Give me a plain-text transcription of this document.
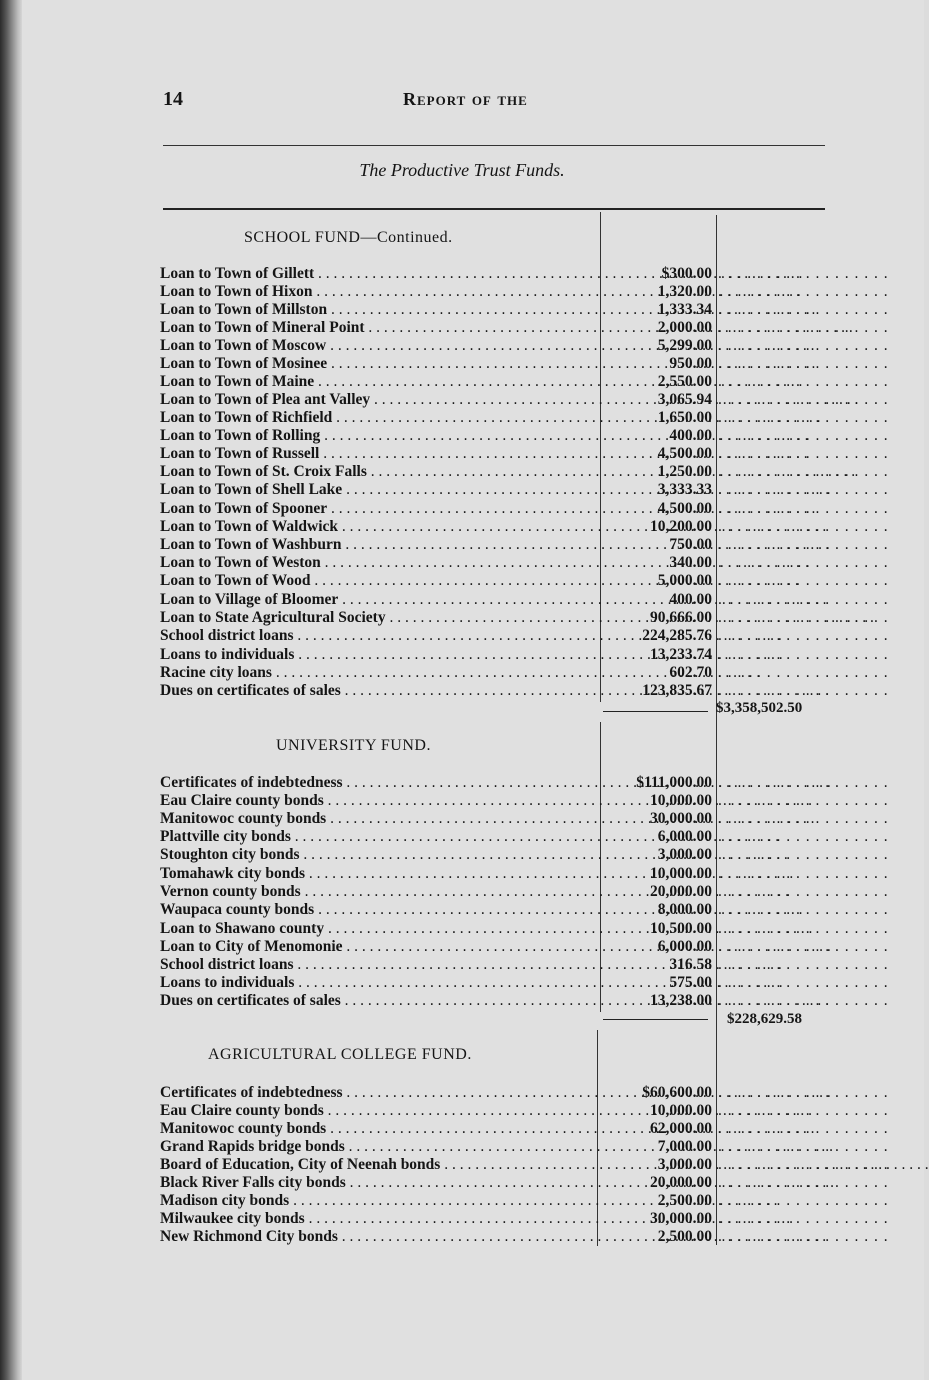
14	Report of the
The Productive Trust Funds.
SCHOOL FUND—Continued.
Loan to Town of Gillett . . .	$300.00 . . . . . . . . . . . . . . . . . .
Loan to Town of Hixon . . .	1,320.00 . . . . . . . . . . . . . . . . . .
Loan to Town of Millston . . .	1,333.34 . . . . . . . . . . . . . . . . . .
Loan to Town of Mineral Point . . .	2,000.00 . . . . . . . . . . . . . . . . . .
Loan to Town of Moscow . . .	5,299.00 . . . . . . . . . . . . . . . . . .
Loan to Town of Mosinee . . .	950.00 . . . . . . . . . . . . . . . . . .
Loan to Town of Maine . . .	2,550.00 . . . . . . . . . . . . . . . . . .
Loan to Town of Plea ant Valley . . .	3,065.94 . . . . . . . . . . . . . . . . . .
Loan to Town of Richfield . . .	1,650.00 . . . . . . . . . . . . . . . . . .
Loan to Town of Rolling . . .	400.00 . . . . . . . . . . . . . . . . . .
Loan to Town of Russell . . .	4,500.00 . . . . . . . . . . . . . . . . . .
Loan to Town of St. Croix Falls . . .	1,250.00 . . . . . . . . . . . . . . . . . .
Loan to Town of Shell Lake . . .	3,333.33 . . . . . . . . . . . . . . . . . .
Loan to Town of Spooner . . .	4,500.00 . . . . . . . . . . . . . . . . . .
Loan to Town of Waldwick . . .	10,200.00 . . . . . . . . . . . . . . . . . .
Loan to Town of Washburn . . .	750.00 . . . . . . . . . . . . . . . . . .
Loan to Town of Weston . . .	340.00 . . . . . . . . . . . . . . . . . .
Loan to Town of Wood . . .	5,000.00 . . . . . . . . . . . . . . . . . .
Loan to Village of Bloomer . . .	400.00 . . . . . . . . . . . . . . . . . .
Loan to State Agricultural Society . . .	90,666.00 . . . . . . . . . . . . . . . . . .
School district loans . . .	224,285.76 . . . . . . . . . . . . . . . . . .
Loans to individuals . . .	13,233.74 . . . . . . . . . . . . . . . . . .
Racine city loans . . .	602.70 . . . . . . . . . . . . . . . . . .
Dues on certificates of sales . . .	123,835.67 . . . . . . . . . . . . . . . . . .
$3,358,502.50
UNIVERSITY FUND.
Certificates of indebtedness . . .	$111,000.00 . . . . . . . . . . . . . . . . . .
Eau Claire county bonds . . .	10,000.00 . . . . . . . . . . . . . . . . . .
Manitowoc county bonds . . .	30,000.00 . . . . . . . . . . . . . . . . . .
Plattville city bonds . . .	6,000.00 . . . . . . . . . . . . . . . . . .
Stoughton city bonds . . .	3,000.00 . . . . . . . . . . . . . . . . . .
Tomahawk city bonds . . .	10,000.00 . . . . . . . . . . . . . . . . . .
Vernon county bonds . . .	20,000.00 . . . . . . . . . . . . . . . . . .
Waupaca county bonds . . .	8,000.00 . . . . . . . . . . . . . . . . . .
Loan to Shawano county . . .	10,500.00 . . . . . . . . . . . . . . . . . .
Loan to City of Menomonie . . .	6,000.00 . . . . . . . . . . . . . . . . . .
School district loans . . .	316.58 . . . . . . . . . . . . . . . . . .
Loans to individuals . . .	575.00 . . . . . . . . . . . . . . . . . .
Dues on certificates of sales . . .	13,238.00 . . . . . . . . . . . . . . . . . .
$228,629.58
AGRICULTURAL COLLEGE FUND.
Certificates of indebtedness . . .	$60,600.00 . . . . . . . . . . . . . . . . . .
Eau Claire county bonds . . .	10,000.00 . . . . . . . . . . . . . . . . . .
Manitowoc county bonds . . .	62,000.00 . . . . . . . . . . . . . . . . . .
Grand Rapids bridge bonds . . .	7,000.00 . . . . . . . . . . . . . . . . . .
Board of Education, City of Neenah bonds . . .	3,000.00 . . . . . . . . . . . . . . . . . .
Black River Falls city bonds . . .	20,000.00 . . . . . . . . . . . . . . . . . .
Madison city bonds . . .	2,500.00 . . . . . . . . . . . . . . . . . .
Milwaukee city bonds . . .	30,000.00 . . . . . . . . . . . . . . . . . .
New Richmond City bonds . . .	2,500.00 . . . . . . . . . . . . . . . . . .
